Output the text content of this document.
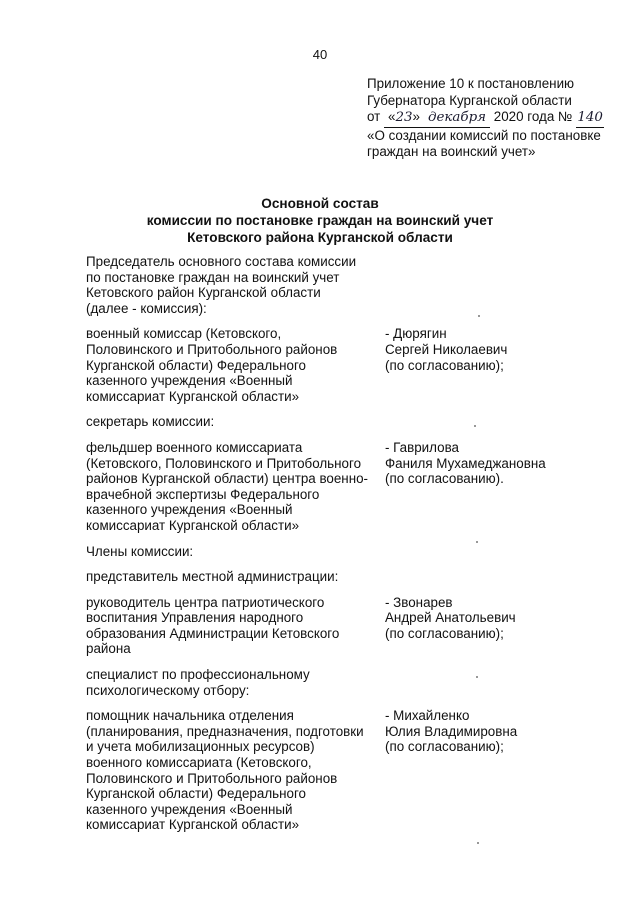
40
Приложение 10 к постановлению
Губернатора Курганской области
от «23» декабря 2020 года № 140
«О создании комиссий по постановке
граждан на воинский учет»
Основной состав
комиссии по постановке граждан на воинский учет
Кетовского района Курганской области
Председатель основного состава комиссии
по постановке граждан на воинский учет
Кетовского район Курганской области
(далее - комиссия):
военный комиссар (Кетовского,
Половинского и Притобольного районов
Курганской области) Федерального
казенного учреждения «Военный
комиссариат Курганской области»
- Дюрягин
Сергей Николаевич
(по согласованию);
секретарь комиссии:
фельдшер военного комиссариата
(Кетовского, Половинского и Притобольного
районов Курганской области) центра военно-
врачебной экспертизы Федерального
казенного учреждения «Военный
комиссариат Курганской области»
- Гаврилова
Фаниля Мухамеджановна
(по согласованию).
Члены комиссии:
представитель местной администрации:
руководитель центра патриотического
воспитания Управления народного
образования Администрации Кетовского
района
- Звонарев
Андрей Анатольевич
(по согласованию);
специалист по профессиональному
психологическому отбору:
помощник начальника отделения
(планирования, предназначения, подготовки
и учета мобилизационных ресурсов)
военного комиссариата (Кетовского,
Половинского и Притобольного районов
Курганской области) Федерального
казенного учреждения «Военный
комиссариат Курганской области»
- Михайленко
Юлия Владимировна
(по согласованию);
